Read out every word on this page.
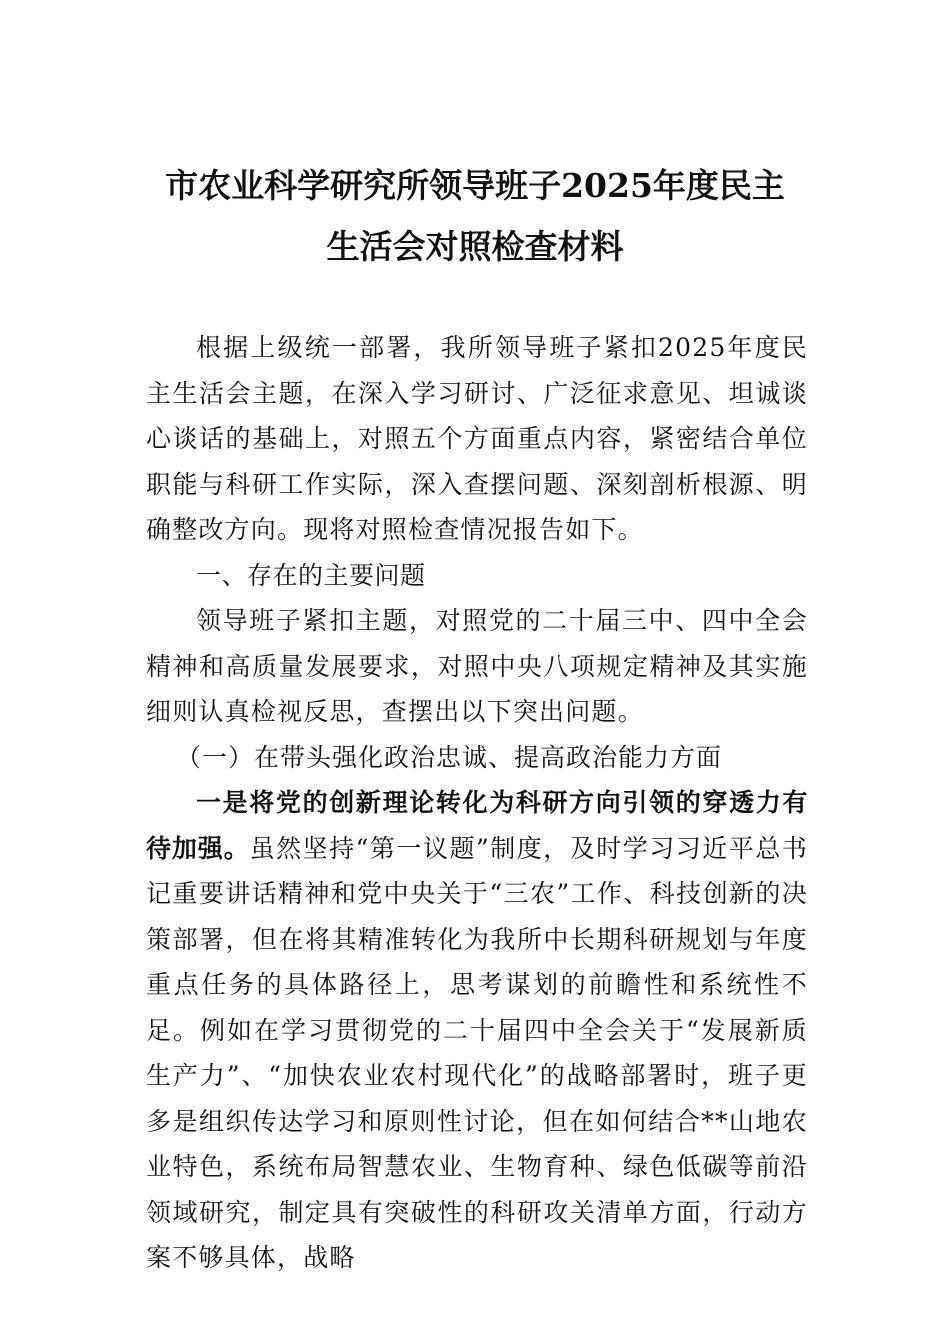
市农业科学研究所领导班子2025年度民主
生活会对照检查材料

根据上级统一部署，我所领导班子紧扣2025年度民主生活会主题，在深入学习研讨、广泛征求意见、坦诚谈心谈话的基础上，对照五个方面重点内容，紧密结合单位职能与科研工作实际，深入查摆问题、深刻剖析根源、明确整改方向。现将对照检查情况报告如下。

一、存在的主要问题

领导班子紧扣主题，对照党的二十届三中、四中全会精神和高质量发展要求，对照中央八项规定精神及其实施细则认真检视反思，查摆出以下突出问题。

（一）在带头强化政治忠诚、提高政治能力方面

一是将党的创新理论转化为科研方向引领的穿透力有待加强。虽然坚持“第一议题”制度，及时学习习近平总书记重要讲话精神和党中央关于“三农”工作、科技创新的决策部署，但在将其精准转化为我所中长期科研规划与年度重点任务的具体路径上，思考谋划的前瞻性和系统性不足。例如在学习贯彻党的二十届四中全会关于“发展新质生产力”、“加快农业农村现代化”的战略部署时，班子更多是组织传达学习和原则性讨论，但在如何结合**山地农业特色，系统布局智慧农业、生物育种、绿色低碳等前沿领域研究，制定具有突破性的科研攻关清单方面，行动方案不够具体，战略
